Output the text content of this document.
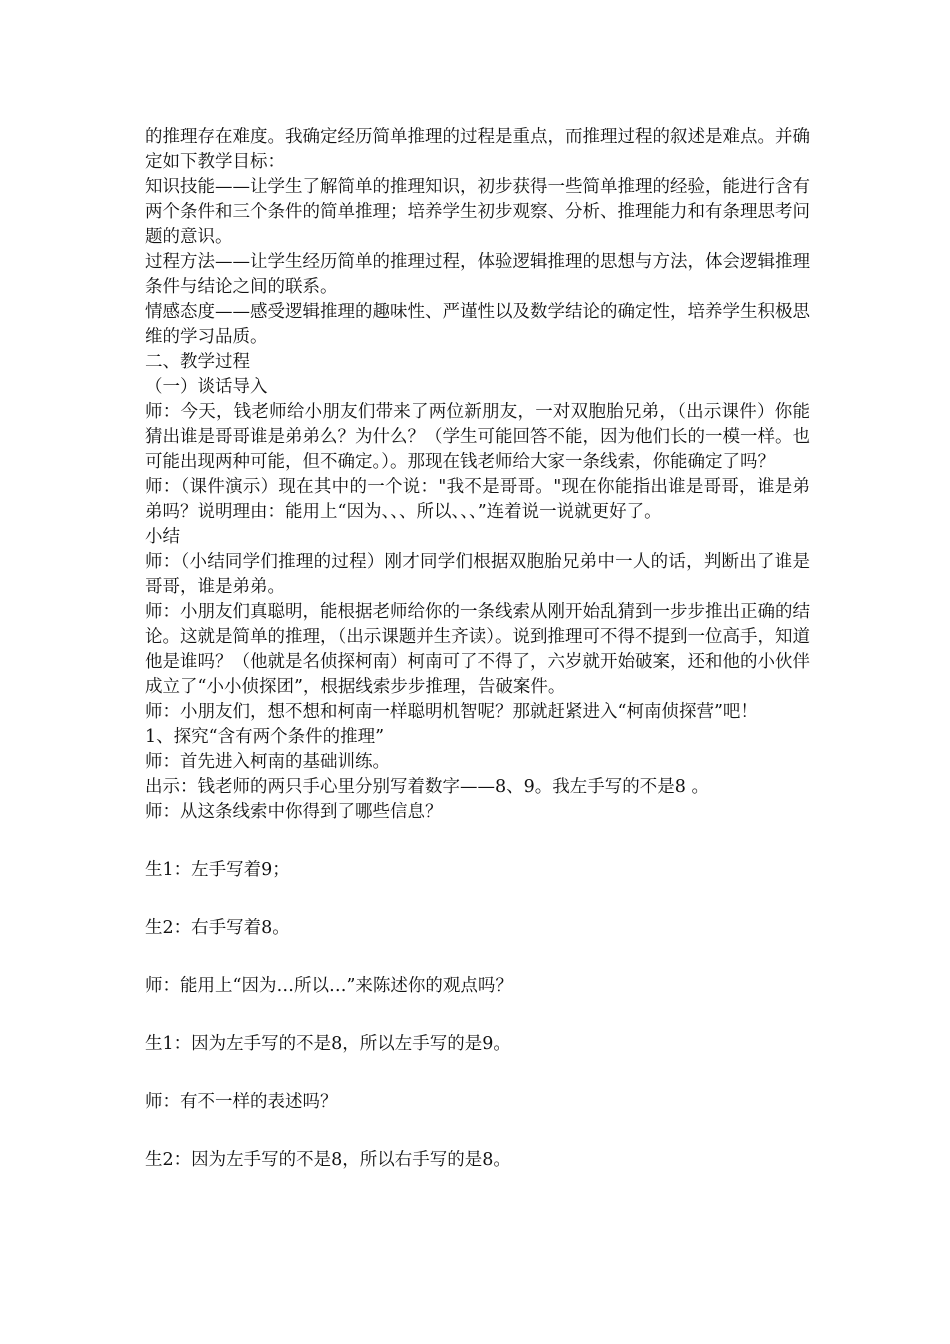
的推理存在难度。我确定经历简单推理的过程是重点，而推理过程的叙述是难点。并确定如下教学目标：

知识技能——让学生了解简单的推理知识，初步获得一些简单推理的经验，能进行含有两个条件和三个条件的简单推理；培养学生初步观察、分析、推理能力和有条理思考问题的意识。

过程方法——让学生经历简单的推理过程，体验逻辑推理的思想与方法，体会逻辑推理条件与结论之间的联系。

情感态度——感受逻辑推理的趣味性、严谨性以及数学结论的确定性，培养学生积极思维的学习品质。

二、教学过程

（一）谈话导入

师：今天，钱老师给小朋友们带来了两位新朋友，一对双胞胎兄弟，（出示课件）你能猜出谁是哥哥谁是弟弟么？为什么？（学生可能回答不能，因为他们长的一模一样。也可能出现两种可能，但不确定。）。那现在钱老师给大家一条线索，你能确定了吗？

师：（课件演示）现在其中的一个说："我不是哥哥。"现在你能指出谁是哥哥，谁是弟弟吗？说明理由：能用上“因为、、、所以、、、”连着说一说就更好了。

小结

师：（小结同学们推理的过程）刚才同学们根据双胞胎兄弟中一人的话，判断出了谁是哥哥，谁是弟弟。

师：小朋友们真聪明，能根据老师给你的一条线索从刚开始乱猜到一步步推出正确的结论。这就是简单的推理，（出示课题并生齐读）。说到推理可不得不提到一位高手，知道他是谁吗？（他就是名侦探柯南）柯南可了不得了，六岁就开始破案，还和他的小伙伴成立了“小小侦探团”，根据线索步步推理，告破案件。

师：小朋友们，想不想和柯南一样聪明机智呢？那就赶紧进入“柯南侦探营”吧！

1、探究“含有两个条件的推理”

师：首先进入柯南的基础训练。

出示：钱老师的两只手心里分别写着数字——8、9。我左手写的不是8 。

师：从这条线索中你得到了哪些信息？

生1：左手写着9；

生2：右手写着8。

师：能用上“因为…所以…”来陈述你的观点吗？

生1：因为左手写的不是8，所以左手写的是9。

师：有不一样的表述吗？

生2：因为左手写的不是8，所以右手写的是8。
